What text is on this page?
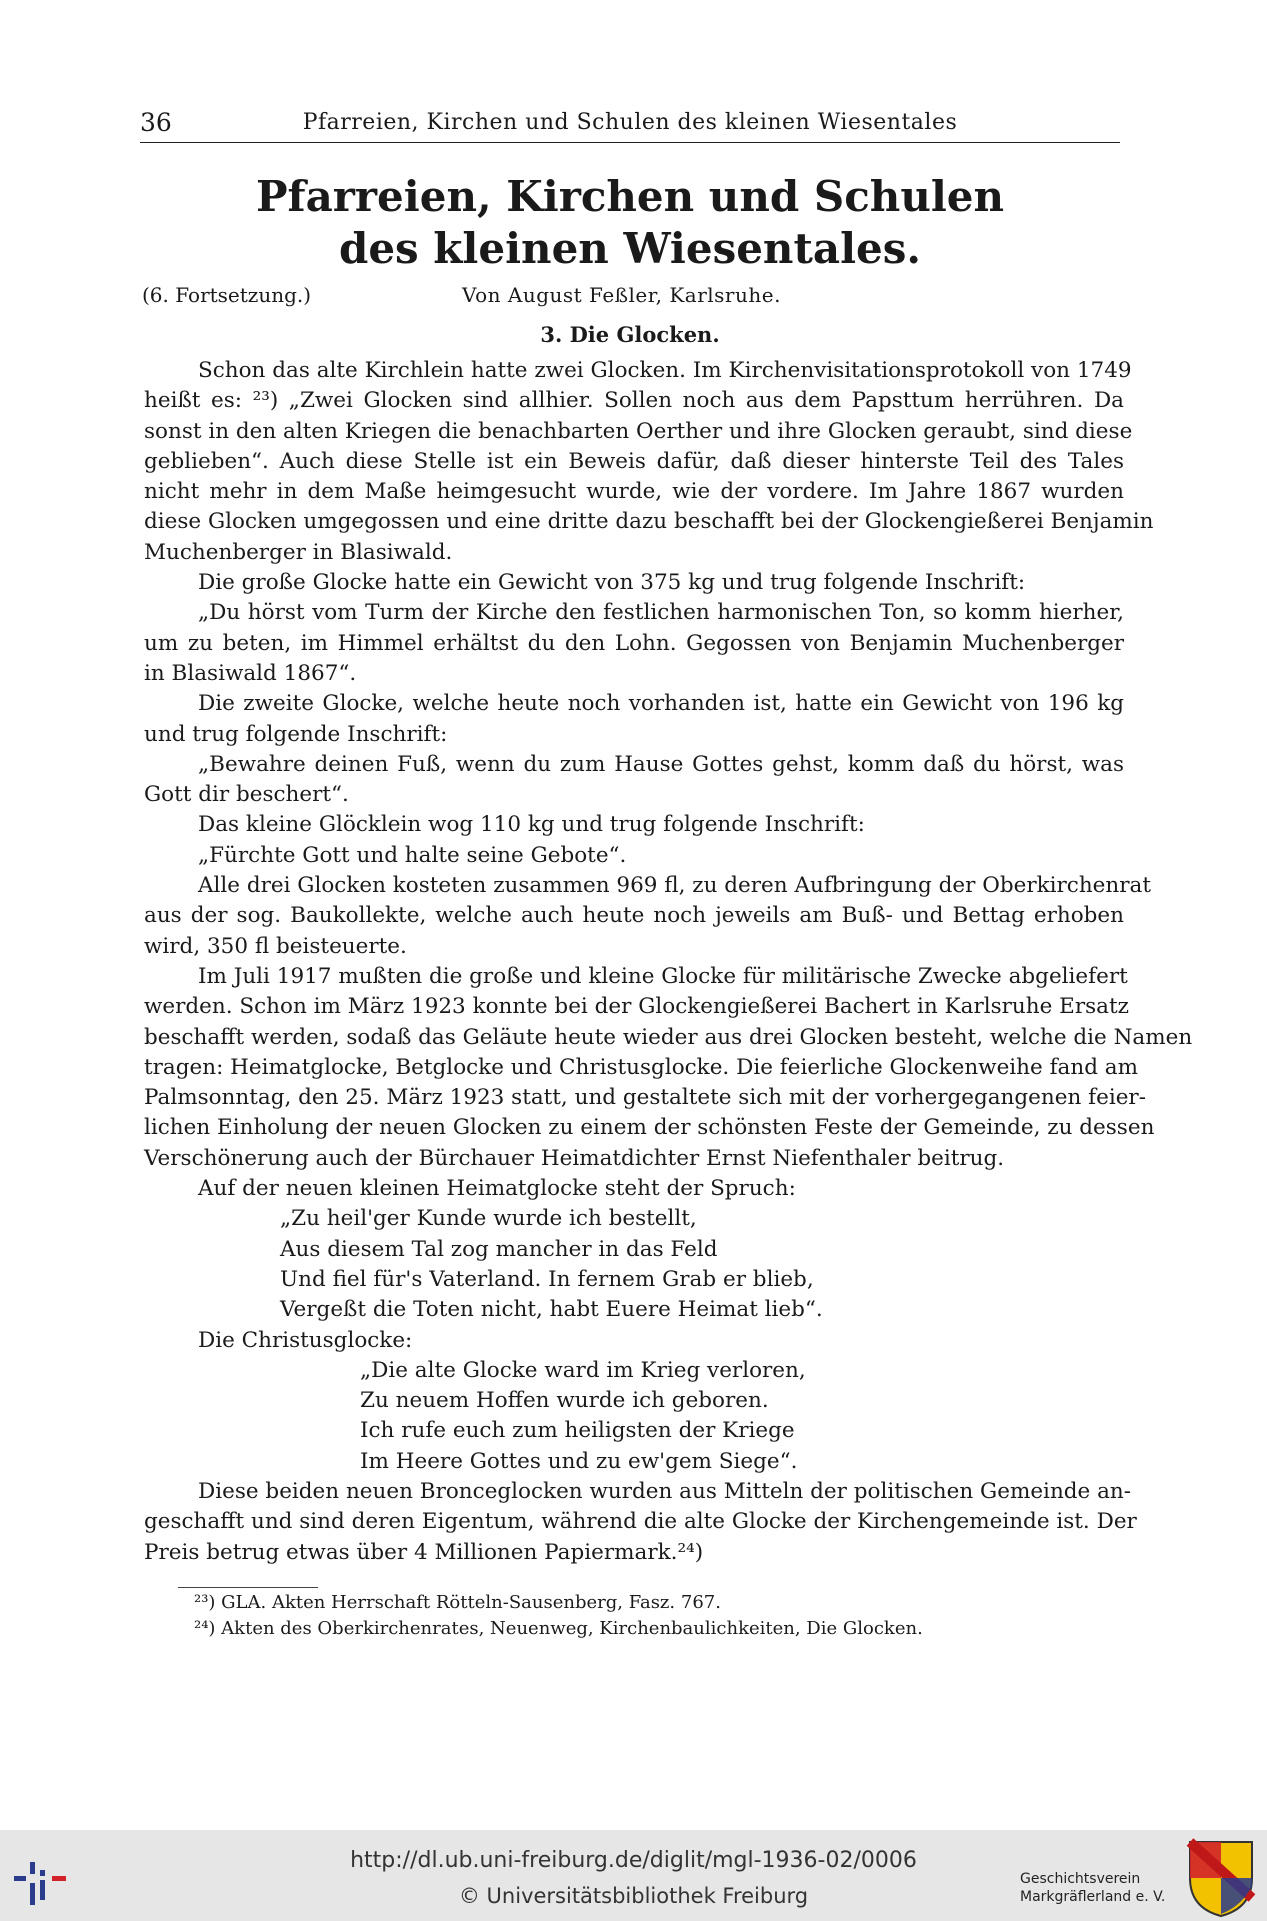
36	Pfarreien, Kirchen und Schulen des kleinen Wiesentales
Pfarreien, Kirchen und Schulen
des kleinen Wiesentales.
(6. Fortsetzung.)	Von August Feßler, Karlsruhe.
3. Die Glocken.

Schon das alte Kirchlein hatte zwei Glocken. Im Kirchenvisitationsprotokoll von 1749
heißt es: ²³) „Zwei Glocken sind allhier. Sollen noch aus dem Papsttum herrühren. Da
sonst in den alten Kriegen die benachbarten Oerther und ihre Glocken geraubt, sind diese
geblieben“. Auch diese Stelle ist ein Beweis dafür, daß dieser hinterste Teil des Tales
nicht mehr in dem Maße heimgesucht wurde, wie der vordere. Im Jahre 1867 wurden
diese Glocken umgegossen und eine dritte dazu beschafft bei der Glockengießerei Benjamin
Muchenberger in Blasiwald.

Die große Glocke hatte ein Gewicht von 375 kg und trug folgende Inschrift:

„Du hörst vom Turm der Kirche den festlichen harmonischen Ton, so komm hierher,
um zu beten, im Himmel erhältst du den Lohn. Gegossen von Benjamin Muchenberger
in Blasiwald 1867“.

Die zweite Glocke, welche heute noch vorhanden ist, hatte ein Gewicht von 196 kg
und trug folgende Inschrift:

„Bewahre deinen Fuß, wenn du zum Hause Gottes gehst, komm daß du hörst, was
Gott dir beschert“.

Das kleine Glöcklein wog 110 kg und trug folgende Inschrift:

„Fürchte Gott und halte seine Gebote“.

Alle drei Glocken kosteten zusammen 969 fl, zu deren Aufbringung der Oberkirchenrat
aus der sog. Baukollekte, welche auch heute noch jeweils am Buß- und Bettag erhoben
wird, 350 fl beisteuerte.

Im Juli 1917 mußten die große und kleine Glocke für militärische Zwecke abgeliefert
werden. Schon im März 1923 konnte bei der Glockengießerei Bachert in Karlsruhe Ersatz
beschafft werden, sodaß das Geläute heute wieder aus drei Glocken besteht, welche die Namen
tragen: Heimatglocke, Betglocke und Christusglocke. Die feierliche Glockenweihe fand am
Palmsonntag, den 25. März 1923 statt, und gestaltete sich mit der vorhergegangenen feier-
lichen Einholung der neuen Glocken zu einem der schönsten Feste der Gemeinde, zu dessen
Verschönerung auch der Bürchauer Heimatdichter Ernst Niefenthaler beitrug.

Auf der neuen kleinen Heimatglocke steht der Spruch:

„Zu heil'ger Kunde wurde ich bestellt,
Aus diesem Tal zog mancher in das Feld
Und fiel für's Vaterland. In fernem Grab er blieb,
Vergeßt die Toten nicht, habt Euere Heimat lieb“.

Die Christusglocke:

„Die alte Glocke ward im Krieg verloren,
Zu neuem Hoffen wurde ich geboren.
Ich rufe euch zum heiligsten der Kriege
Im Heere Gottes und zu ew'gem Siege“.

Diese beiden neuen Bronceglocken wurden aus Mitteln der politischen Gemeinde an-
geschafft und sind deren Eigentum, während die alte Glocke der Kirchengemeinde ist. Der
Preis betrug etwas über 4 Millionen Papiermark.²⁴)

²³) GLA. Akten Herrschaft Rötteln-Sausenberg, Fasz. 767.
²⁴) Akten des Oberkirchenrates, Neuenweg, Kirchenbaulichkeiten, Die Glocken.
http://dl.ub.uni-freiburg.de/diglit/mgl-1936-02/0006
© Universitätsbibliothek Freiburg
Geschichtsverein
Markgräflerland e. V.
